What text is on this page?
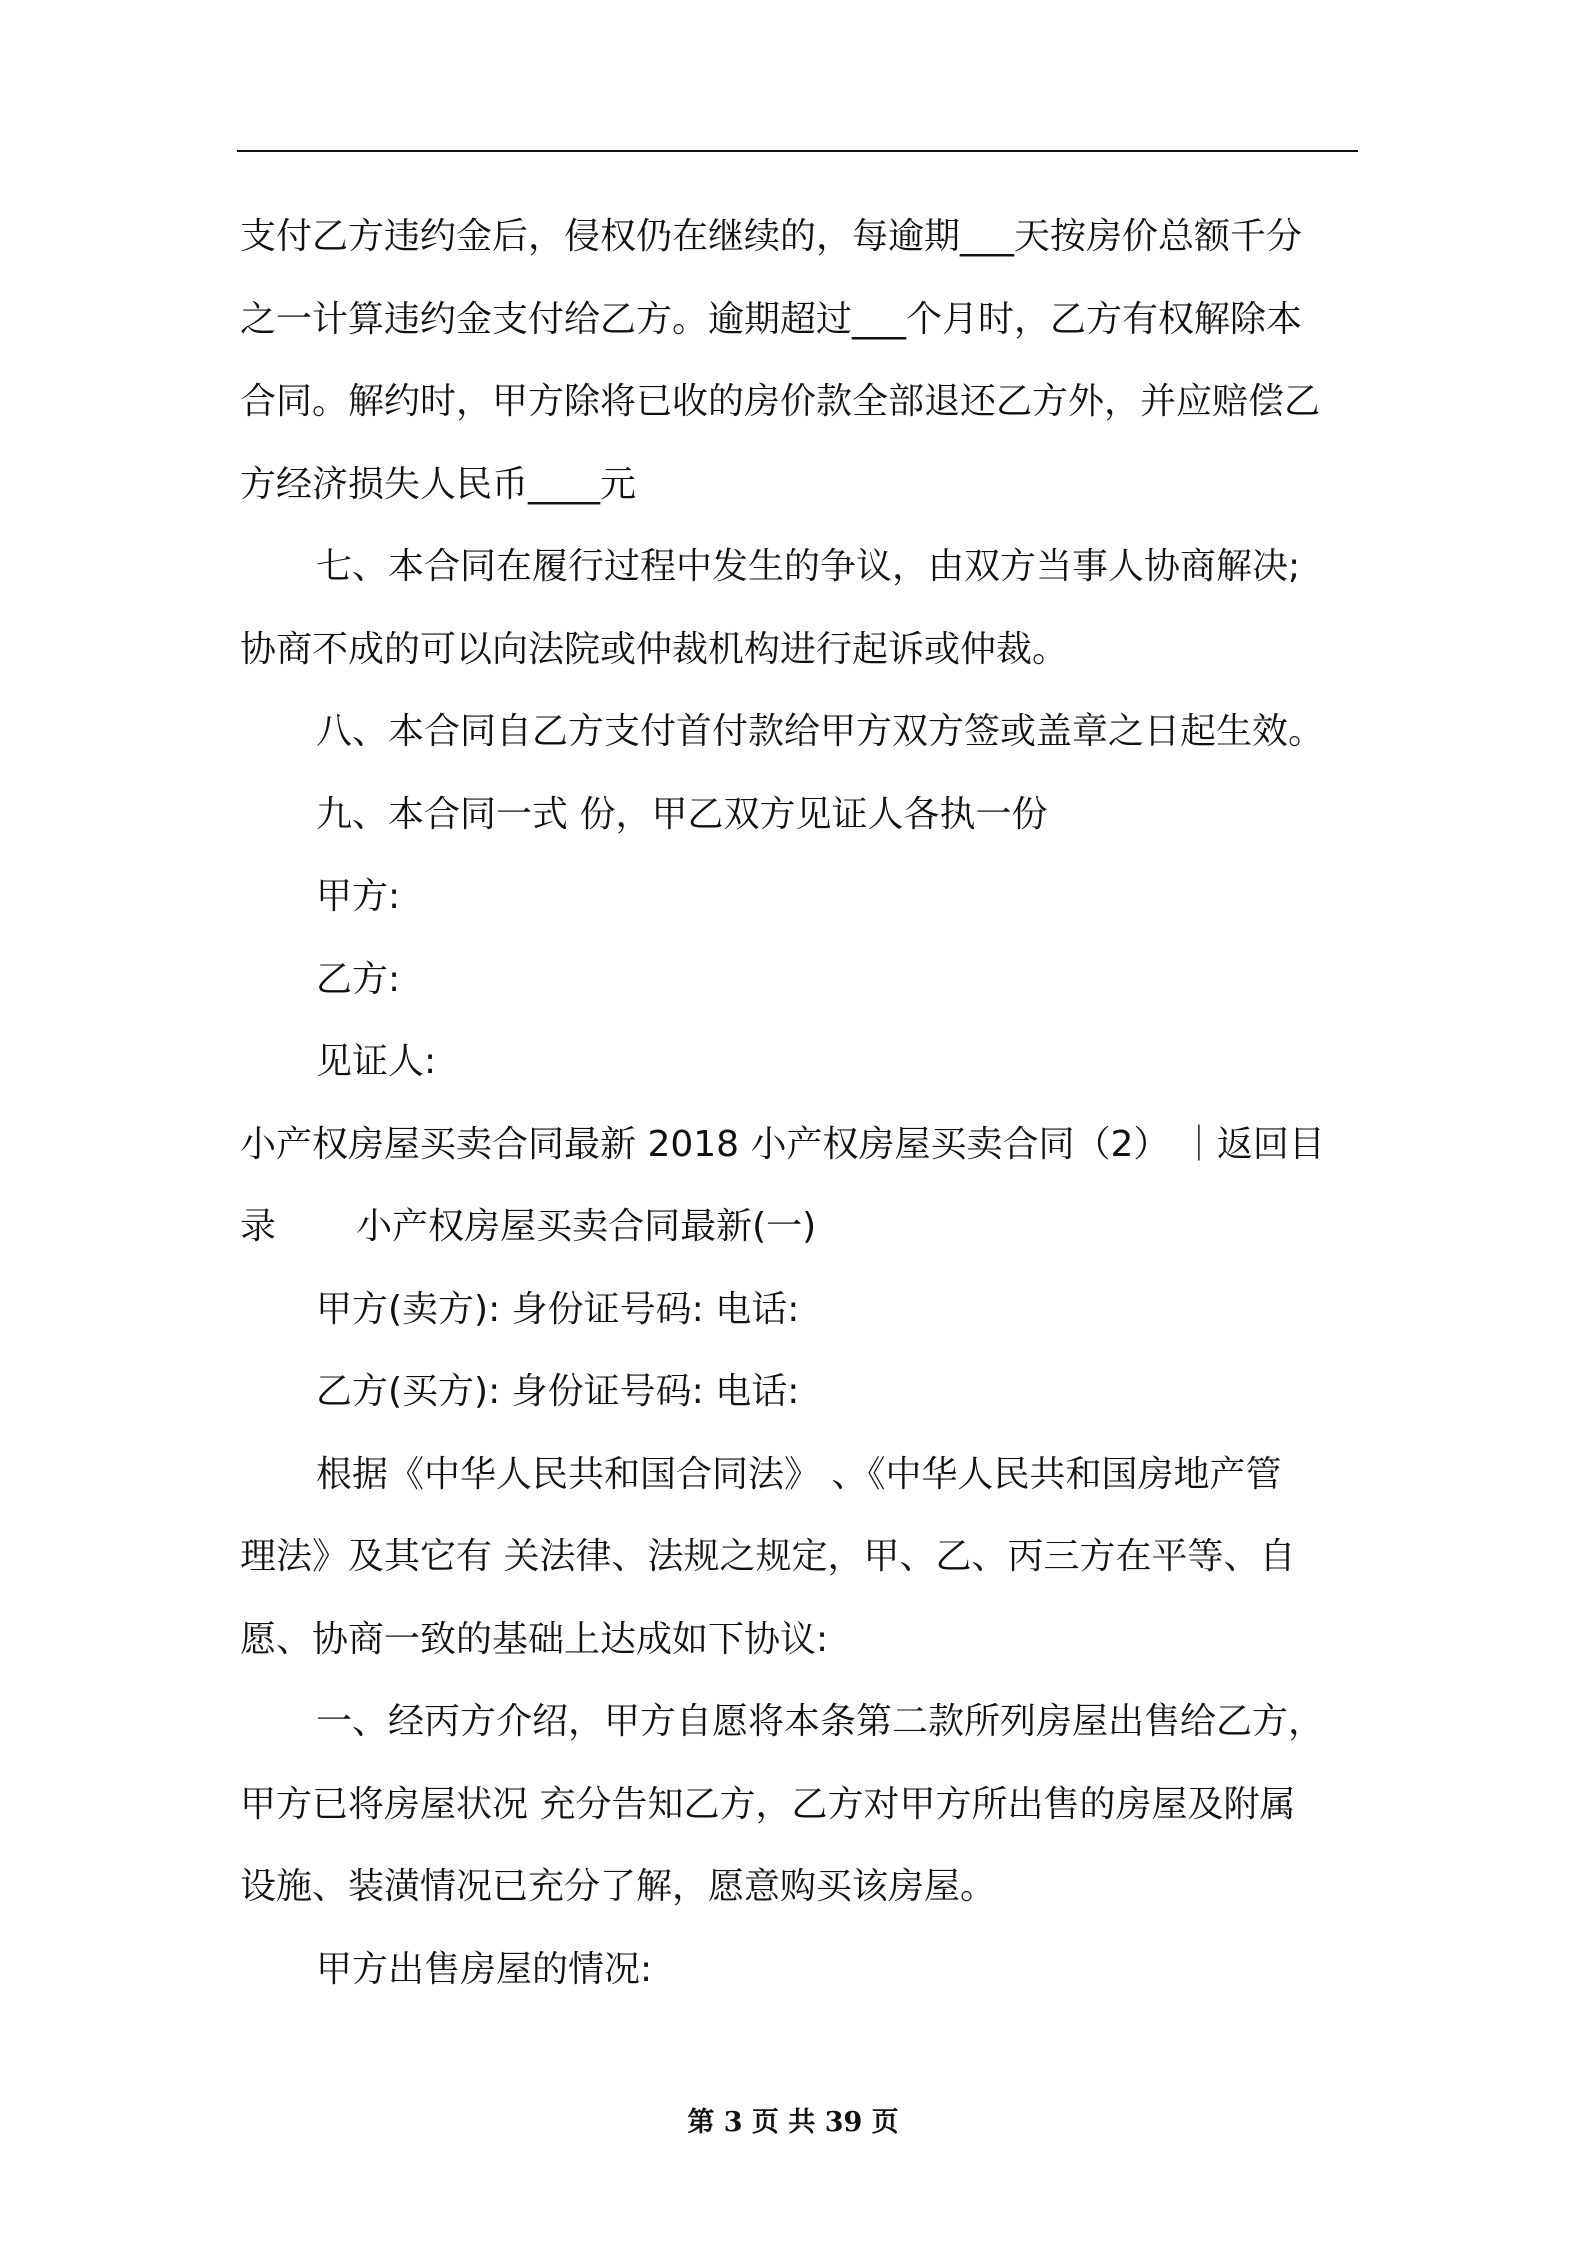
支付乙方违约金后，侵权仍在继续的，每逾期___天按房价总额千分
之一计算违约金支付给乙方。逾期超过___个月时，乙方有权解除本
合同。解约时，甲方除将已收的房价款全部退还乙方外，并应赔偿乙
方经济损失人民币____元
七、本合同在履行过程中发生的争议，由双方当事人协商解决;
协商不成的可以向法院或仲裁机构进行起诉或仲裁。
八、本合同自乙方支付首付款给甲方双方签或盖章之日起生效。
九、本合同一式 份，甲乙双方见证人各执一份
甲方:
乙方:
见证人:
小产权房屋买卖合同最新 2018 小产权房屋买卖合同（2） ｜返回目
录       小产权房屋买卖合同最新(一)
甲方(卖方): 身份证号码: 电话:
乙方(买方): 身份证号码: 电话:
根据《中华人民共和国合同法》 、《中华人民共和国房地产管
理法》及其它有 关法律、法规之规定，甲、乙、丙三方在平等、自
愿、协商一致的基础上达成如下协议:
一、经丙方介绍，甲方自愿将本条第二款所列房屋出售给乙方，
甲方已将房屋状况 充分告知乙方，乙方对甲方所出售的房屋及附属
设施、装潢情况已充分了解，愿意购买该房屋。
甲方出售房屋的情况:
第 3 页 共 39 页
